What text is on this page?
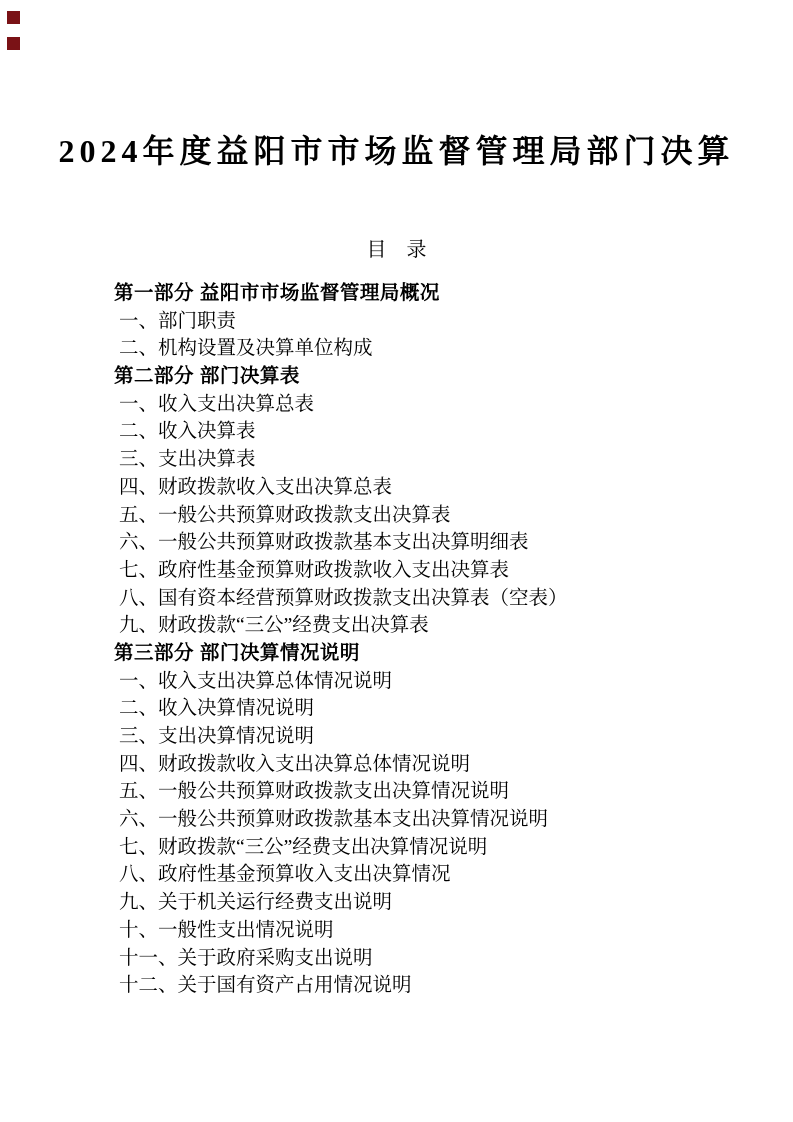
2024年度益阳市市场监督管理局部门决算
目　录
第一部分 益阳市市场监督管理局概况
一、部门职责
二、机构设置及决算单位构成
第二部分 部门决算表
一、收入支出决算总表
二、收入决算表
三、支出决算表
四、财政拨款收入支出决算总表
五、一般公共预算财政拨款支出决算表
六、一般公共预算财政拨款基本支出决算明细表
七、政府性基金预算财政拨款收入支出决算表
八、国有资本经营预算财政拨款支出决算表（空表）
九、财政拨款“三公”经费支出决算表
第三部分 部门决算情况说明
一、收入支出决算总体情况说明
二、收入决算情况说明
三、支出决算情况说明
四、财政拨款收入支出决算总体情况说明
五、一般公共预算财政拨款支出决算情况说明
六、一般公共预算财政拨款基本支出决算情况说明
七、财政拨款“三公”经费支出决算情况说明
八、政府性基金预算收入支出决算情况
九、关于机关运行经费支出说明
十、一般性支出情况说明
十一、关于政府采购支出说明
十二、关于国有资产占用情况说明
